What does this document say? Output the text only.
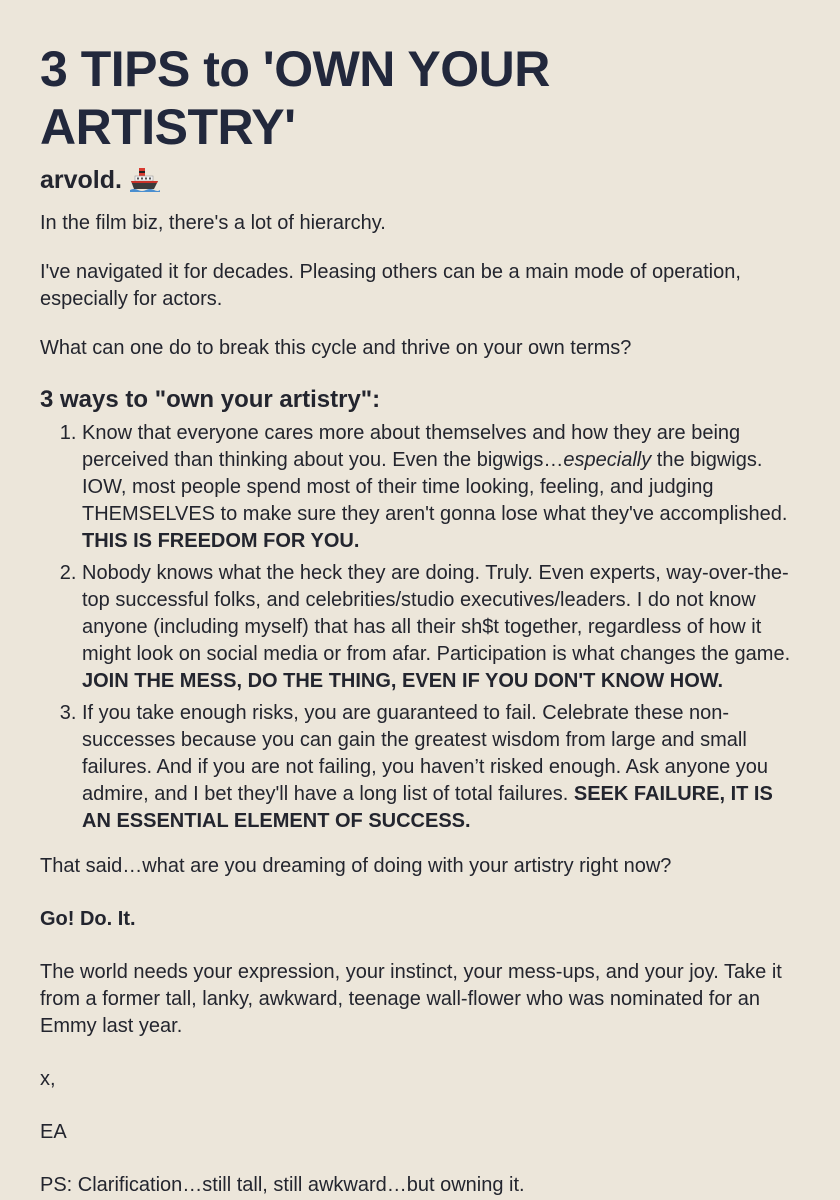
3 TIPS to 'OWN YOUR ARTISTRY'
arvold.

In the film biz, there's a lot of hierarchy.

I've navigated it for decades. Pleasing others can be a main mode of operation, especially for actors.

What can one do to break this cycle and thrive on your own terms?

3 ways to "own your artistry":
1. Know that everyone cares more about themselves and how they are being perceived than thinking about you. Even the bigwigs…especially the bigwigs. IOW, most people spend most of their time looking, feeling, and judging THEMSELVES to make sure they aren't gonna lose what they've accomplished. THIS IS FREEDOM FOR YOU.
2. Nobody knows what the heck they are doing. Truly. Even experts, way-over-the-top successful folks, and celebrities/studio executives/leaders. I do not know anyone (including myself) that has all their sh$t together, regardless of how it might look on social media or from afar. Participation is what changes the game. JOIN THE MESS, DO THE THING, EVEN IF YOU DON'T KNOW HOW.
3. If you take enough risks, you are guaranteed to fail. Celebrate these non-successes because you can gain the greatest wisdom from large and small failures. And if you are not failing, you haven’t risked enough. Ask anyone you admire, and I bet they'll have a long list of total failures. SEEK FAILURE, IT IS AN ESSENTIAL ELEMENT OF SUCCESS.

That said…what are you dreaming of doing with your artistry right now?

Go! Do. It.

The world needs your expression, your instinct, your mess-ups, and your joy. Take it from a former tall, lanky, awkward, teenage wall-flower who was nominated for an Emmy last year.

x,

EA

PS: Clarification…still tall, still awkward…but owning it.
